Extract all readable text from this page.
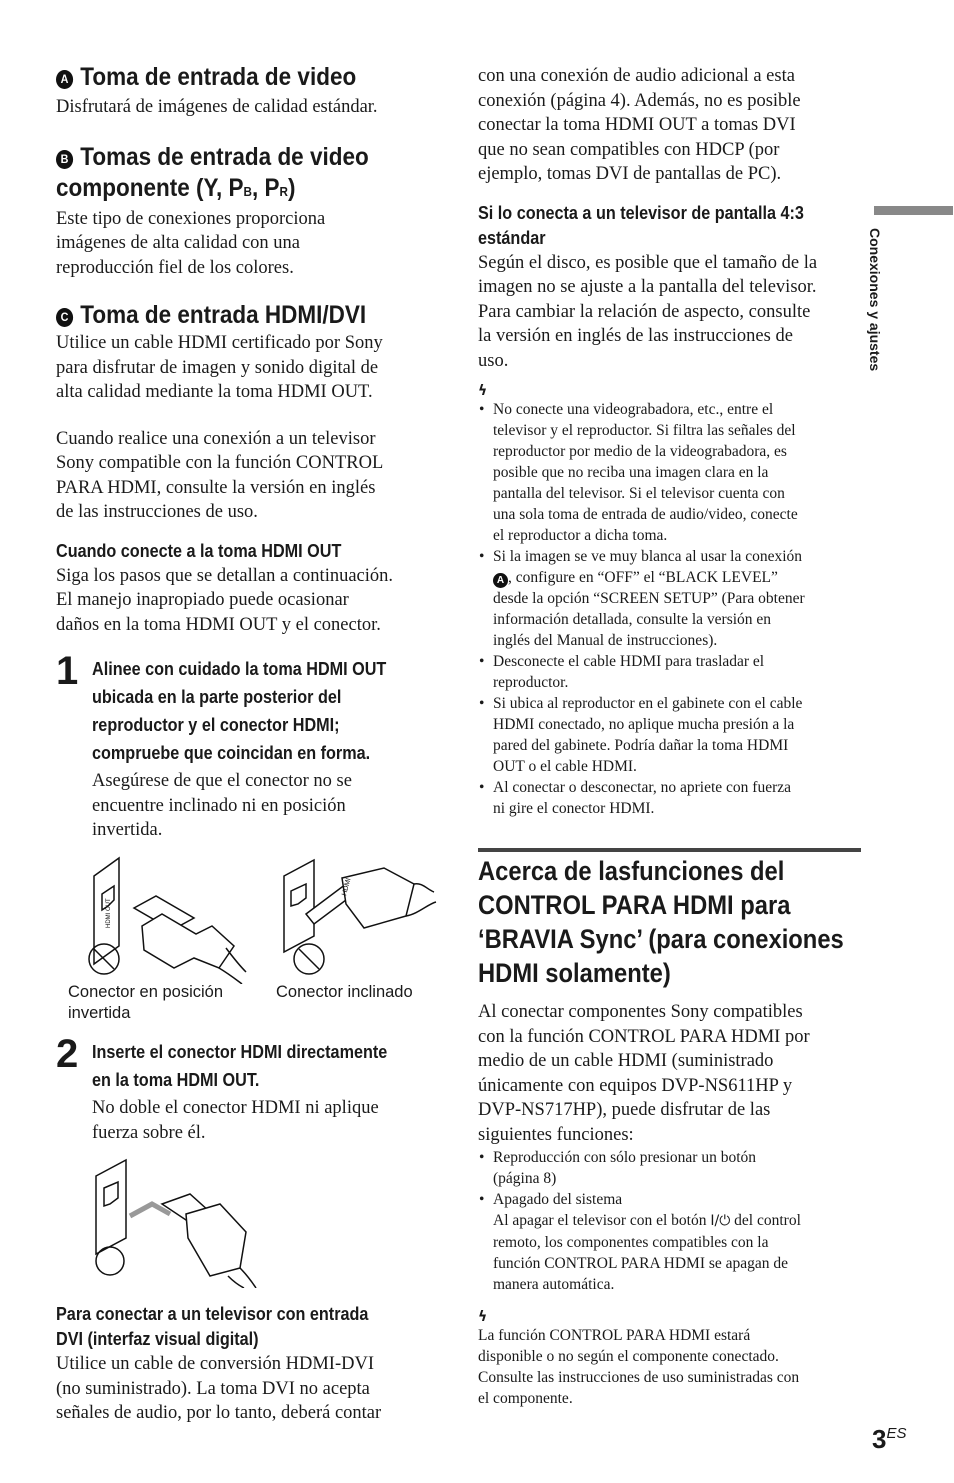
A Toma de entrada de video

Disfrutará de imágenes de calidad estándar.

B Tomas de entrada de video
componente (Y, PB, PR)
Este tipo de conexiones proporciona
imágenes de alta calidad con una
reproducción fiel de los colores.
C Toma de entrada HDMI/DVI
Utilice un cable HDMI certificado por Sony
para disfrutar de imagen y sonido digital de
alta calidad mediante la toma HDMI OUT.
Cuando realice una conexión a un televisor
Sony compatible con la función CONTROL
PARA HDMI, consulte la versión en inglés
de las instrucciones de uso.
Cuando conecte a la toma HDMI OUT
Siga los pasos que se detallan a continuación.
El manejo inapropiado puede ocasionar
daños en la toma HDMI OUT y el conector.
1 Alinee con cuidado la toma HDMI OUT
ubicada en la parte posterior del
reproductor y el conector HDMI;
compruebe que coincidan en forma.
Asegúrese de que el conector no se
encuentre inclinado ni en posición
invertida.
HDMI OUT
HDMI
Conector en posición
invertida
Conector inclinado
2 Inserte el conector HDMI directamente
en la toma HDMI OUT.
No doble el conector HDMI ni aplique
fuerza sobre él.
Para conectar a un televisor con entrada
DVI (interfaz visual digital)
Utilice un cable de conversión HDMI-DVI
(no suministrado). La toma DVI no acepta
señales de audio, por lo tanto, deberá contar
con una conexión de audio adicional a esta
conexión (página 4). Además, no es posible
conectar la toma HDMI OUT a tomas DVI
que no sean compatibles con HDCP (por
ejemplo, tomas DVI de pantallas de PC).
Si lo conecta a un televisor de pantalla 4:3
estándar
Según el disco, es posible que el tamaño de la
imagen no se ajuste a la pantalla del televisor.
Para cambiar la relación de aspecto, consulte
la versión en inglés de las instrucciones de
uso.
ϟ
• No conecte una videograbadora, etc., entre el
televisor y el reproductor. Si filtra las señales del
reproductor por medio de la videograbadora, es
posible que no reciba una imagen clara en la
pantalla del televisor. Si el televisor cuenta con
una sola toma de entrada de audio/video, conecte
el reproductor a dicha toma.
• Si la imagen se ve muy blanca al usar la conexión
A , configure en “OFF” el “BLACK LEVEL”
desde la opción “SCREEN SETUP” (Para obtener
información detallada, consulte la versión en
inglés del Manual de instrucciones).
• Desconecte el cable HDMI para trasladar el
reproductor.
• Si ubica al reproductor en el gabinete con el cable
HDMI conectado, no aplique mucha presión a la
pared del gabinete. Podría dañar la toma HDMI
OUT o el cable HDMI.
• Al conectar o desconectar, no apriete con fuerza
ni gire el conector HDMI.
Acerca de lasfunciones del
CONTROL PARA HDMI para
‘BRAVIA Sync’ (para conexiones
HDMI solamente)
Al conectar componentes Sony compatibles
con la función CONTROL PARA HDMI por
medio de un cable HDMI (suministrado
únicamente con equipos DVP-NS611HP y
DVP-NS717HP), puede disfrutar de las
siguientes funciones:
• Reproducción con sólo presionar un botón
(página 8)
• Apagado del sistema
Al apagar el televisor con el botón I/⏻ del control
remoto, los componentes compatibles con la
función CONTROL PARA HDMI se apagan de
manera automática.
ϟ
La función CONTROL PARA HDMI estará
disponible o no según el componente conectado.
Consulte las instrucciones de uso suministradas con
el componente.
Conexiones y ajustes
$3^{ES}$
